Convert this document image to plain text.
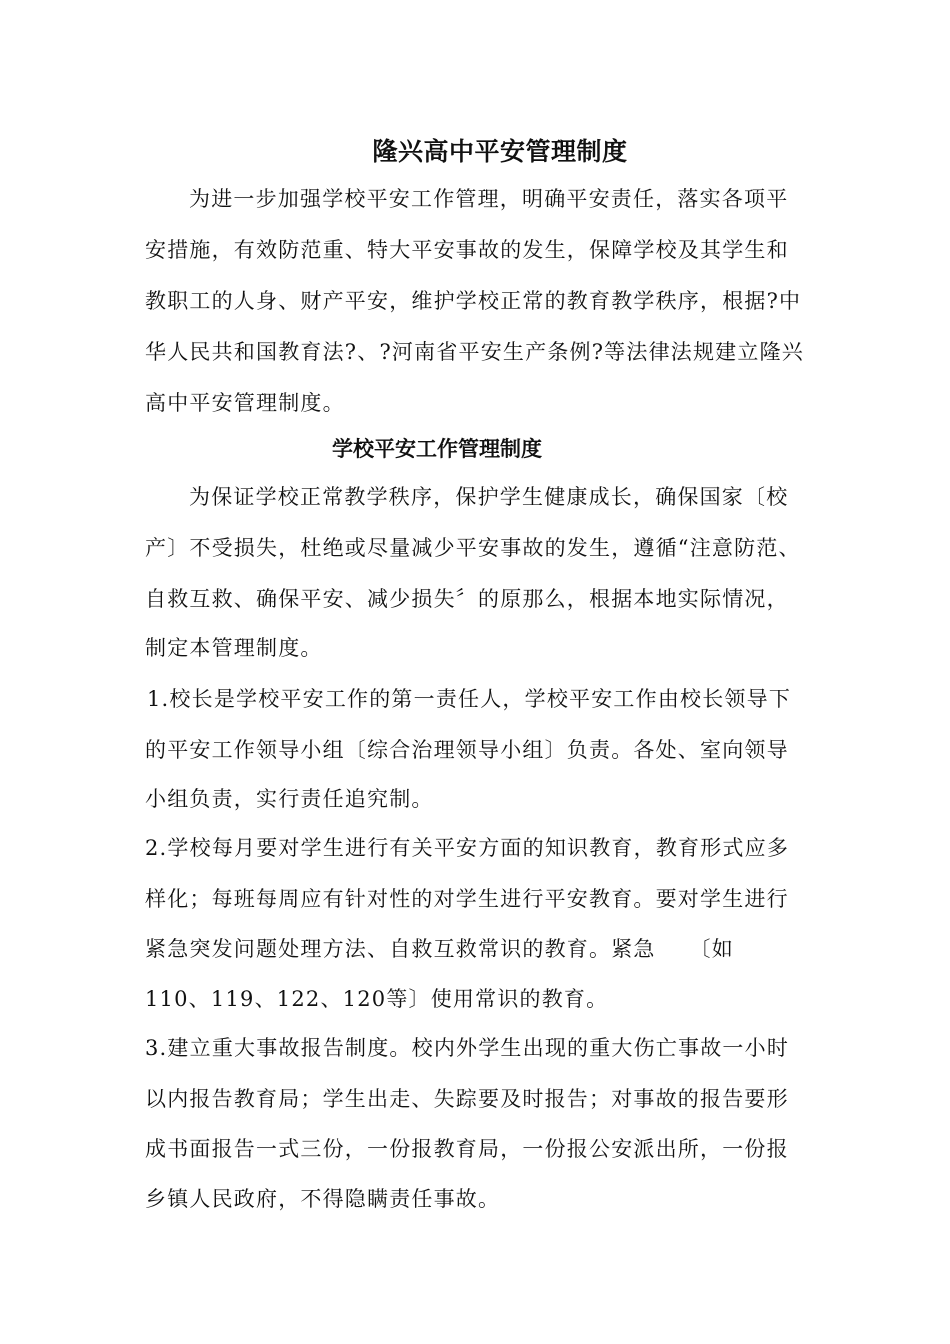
隆兴高中平安管理制度
为进一步加强学校平安工作管理，明确平安责任，落实各项平
安措施，有效防范重、特大平安事故的发生，保障学校及其学生和
教职工的人身、财产平安，维护学校正常的教育教学秩序，根据?中
华人民共和国教育法?、?河南省平安生产条例?等法律法规建立隆兴
高中平安管理制度。
学校平安工作管理制度
为保证学校正常教学秩序，保护学生健康成长，确保国家〔校
产〕不受损失，杜绝或尽量减少平安事故的发生，遵循“注意防范、
自救互救、确保平安、减少损失〞的原那么，根据本地实际情况，
制定本管理制度。
1.校长是学校平安工作的第一责任人，学校平安工作由校长领导下
的平安工作领导小组〔综合治理领导小组〕负责。各处、室向领导
小组负责，实行责任追究制。
2.学校每月要对学生进行有关平安方面的知识教育，教育形式应多
样化；每班每周应有针对性的对学生进行平安教育。要对学生进行
紧急突发问题处理方法、自救互救常识的教育。紧急　　〔如
110、119、122、120等〕使用常识的教育。
3.建立重大事故报告制度。校内外学生出现的重大伤亡事故一小时
以内报告教育局；学生出走、失踪要及时报告；对事故的报告要形
成书面报告一式三份，一份报教育局，一份报公安派出所，一份报
乡镇人民政府，不得隐瞒责任事故。
